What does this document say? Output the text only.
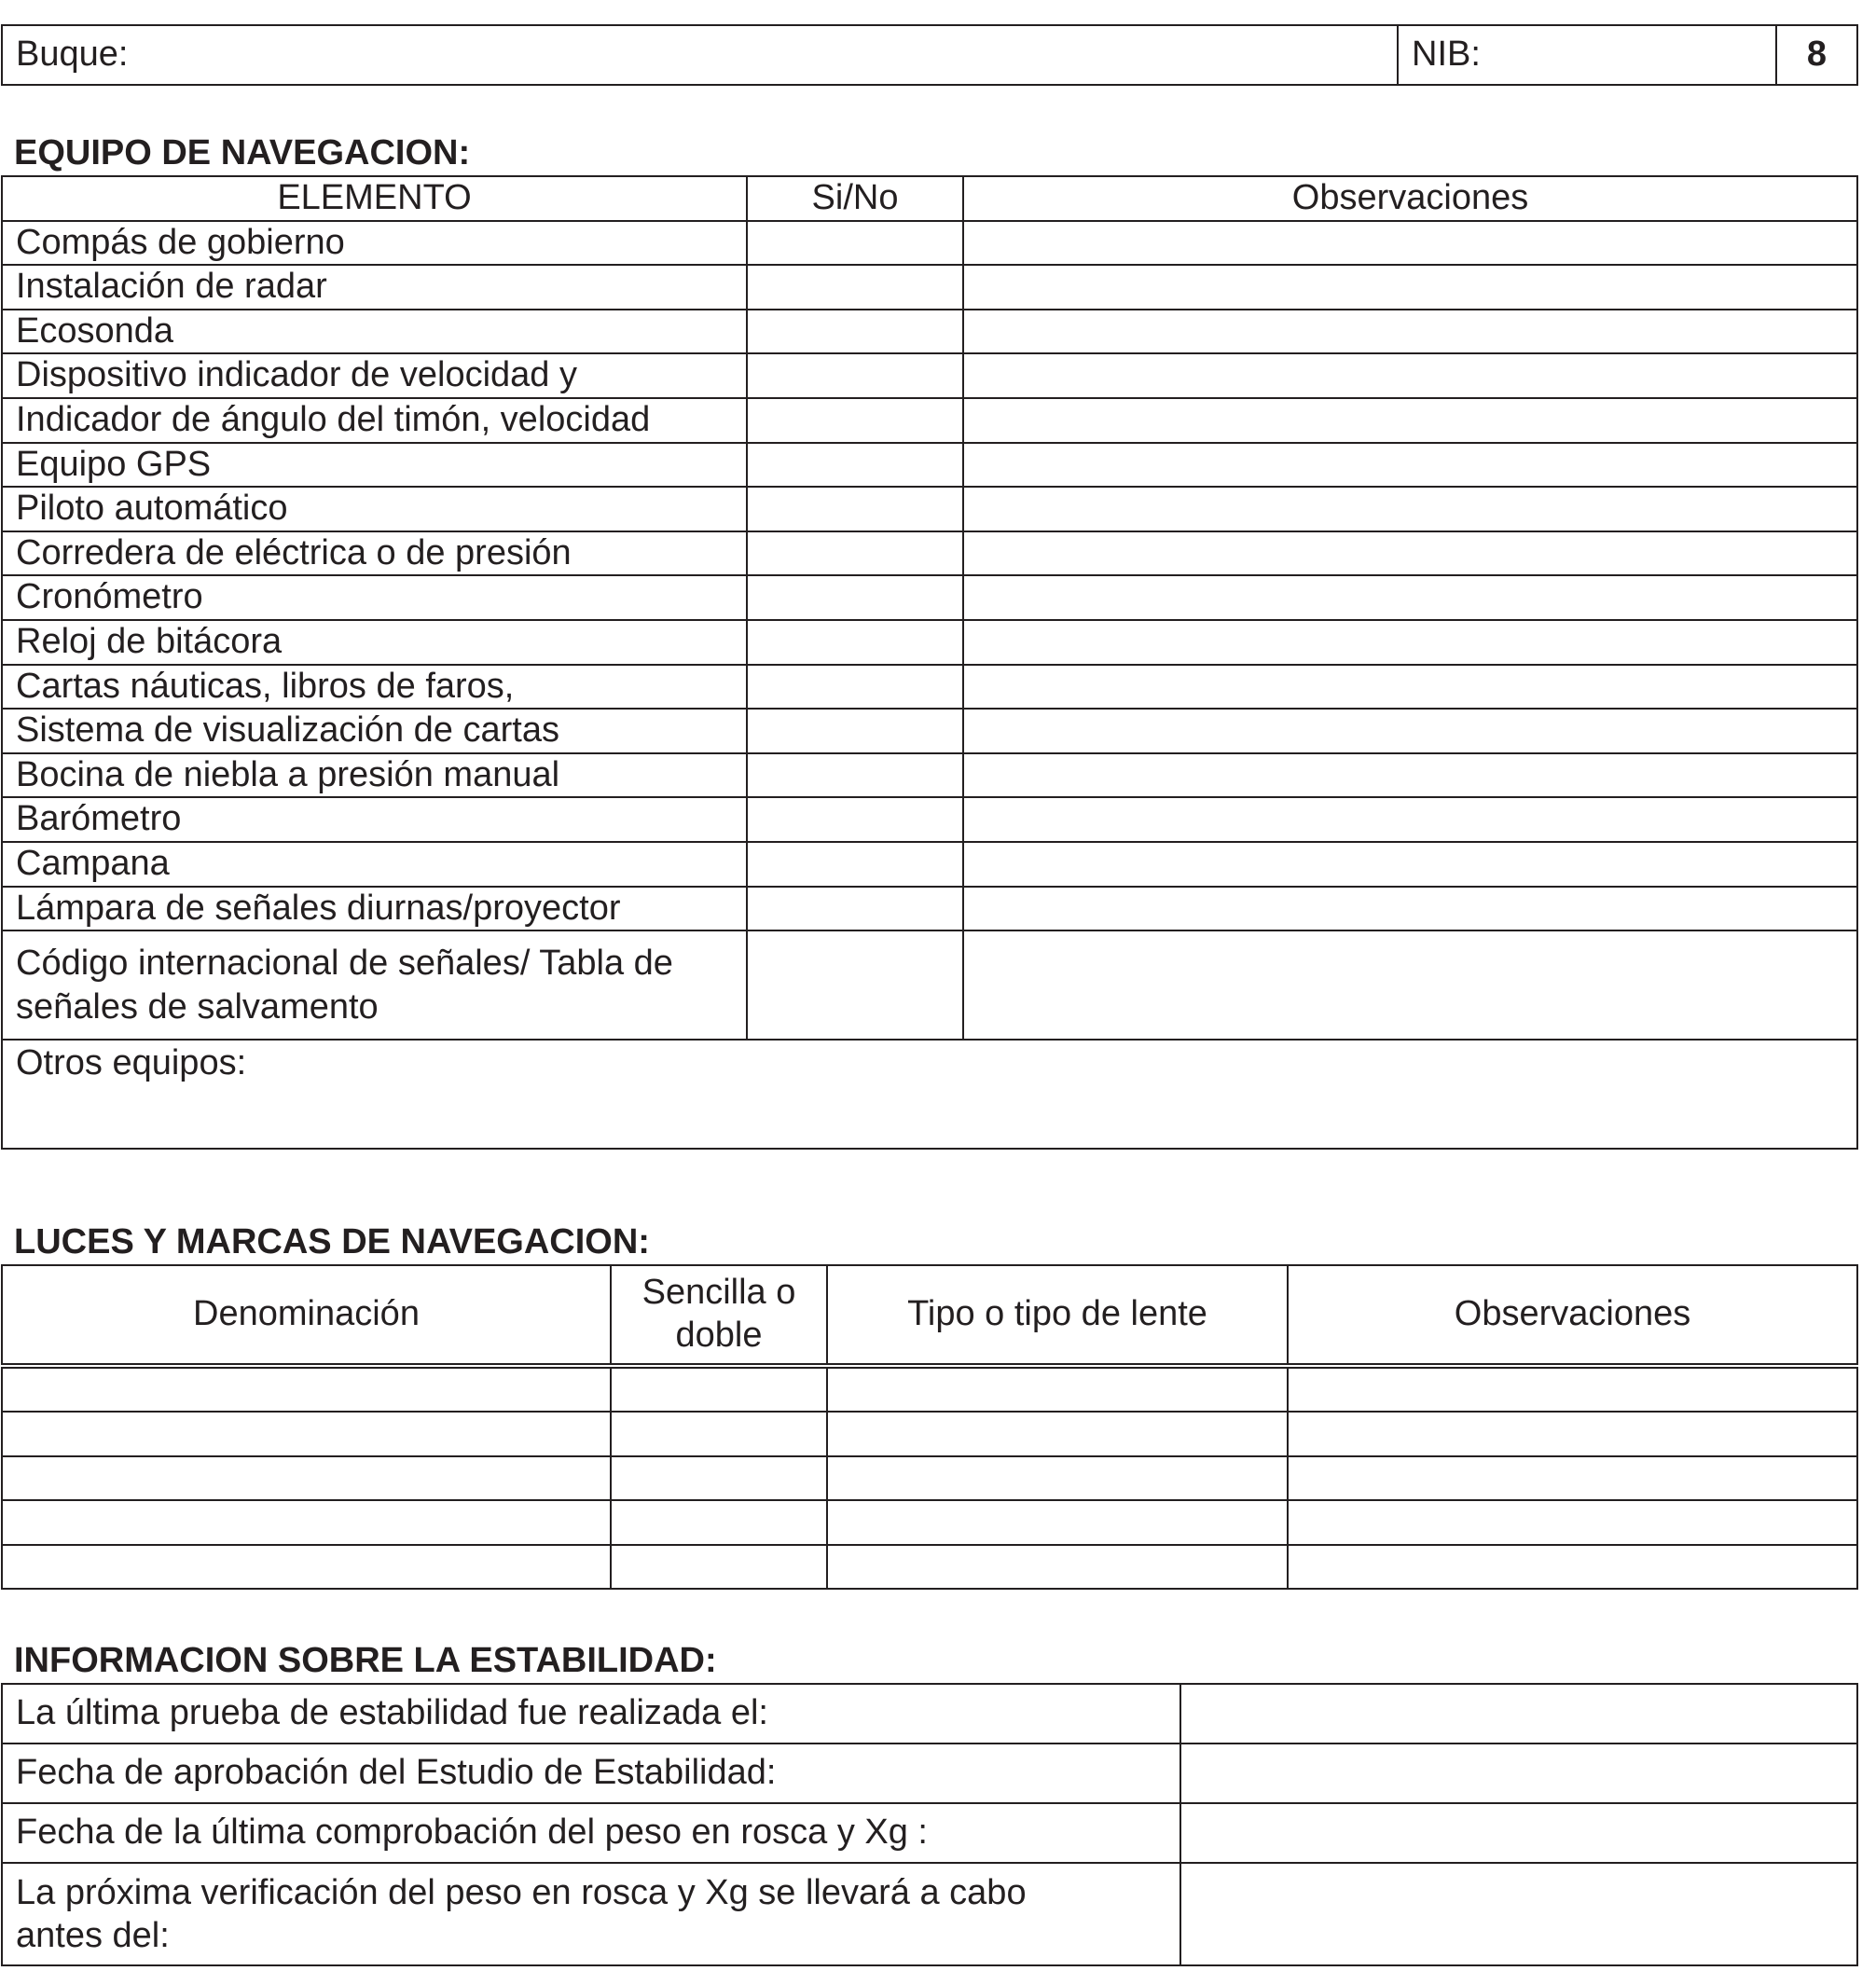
Buque:	NIB:	8

EQUIPO DE NAVEGACION:

ELEMENTO	Si/No	Observaciones
Compás de gobierno		
Instalación de radar		
Ecosonda		
Dispositivo indicador de velocidad y		
Indicador de ángulo del timón, velocidad		
Equipo GPS		
Piloto automático		
Corredera de eléctrica o de presión		
Cronómetro		
Reloj de bitácora		
Cartas náuticas, libros de faros,		
Sistema de visualización de cartas		
Bocina de niebla a presión manual		
Barómetro		
Campana		
Lámpara de señales diurnas/proyector		
Código internacional de señales/ Tabla de
señales de salvamento		
Otros equipos:		

LUCES Y MARCAS DE NAVEGACION:

Denominación	Sencilla o doble	Tipo o tipo de lente	Observaciones

INFORMACION SOBRE LA ESTABILIDAD:

La última prueba de estabilidad fue realizada el:	
Fecha de aprobación del Estudio de Estabilidad:	
Fecha de la última comprobación del peso en rosca y Xg :	
La próxima verificación del peso en rosca y Xg se llevará a cabo
antes del:	
